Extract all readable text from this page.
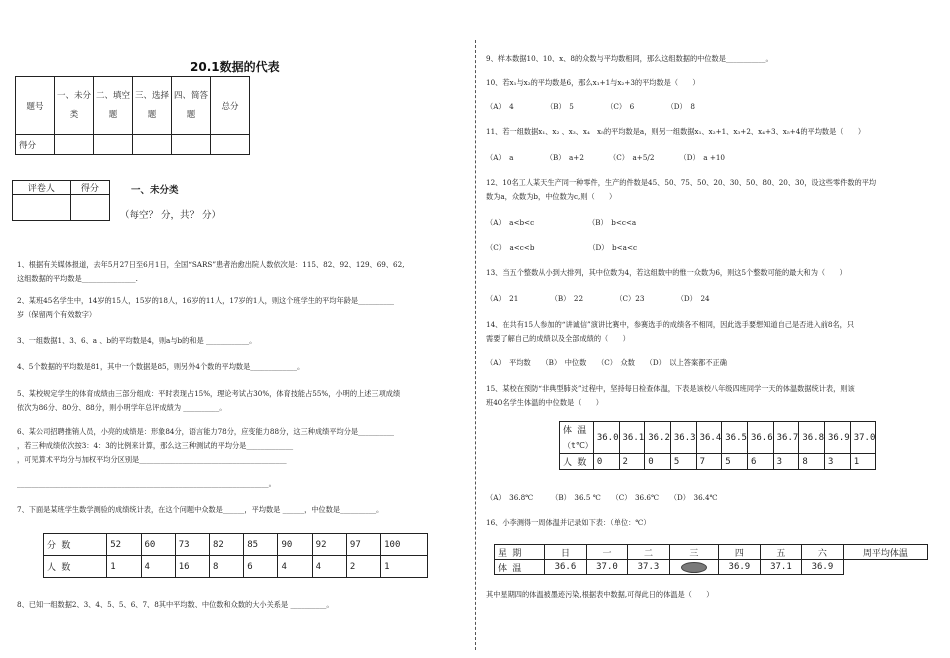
20.1数据的代表
题号	一、未分类	二、填空题	三、选择题	四、简答题	总分
得分					
评卷人	得分
		一、未分类
（每空？ 分，共？ 分）
1、根据有关媒体报道，去年5月27日至6月1日，全国“SARS”患者治愈出院人数依次是：115、82、92、129、69、62,
这组数据的平均数是_______________.
2、某班45名学生中，14岁的15人，15岁的18人，16岁的11人，17岁的1人，则这个班学生的平均年龄是__________
岁（保留两个有效数字）
3、一组数据1、3、6、a 、b的平均数是4，则a与b的和是 ____________。
4、5个数据的平均数是81，其中一个数据是85，则另外4个数的平均数是_____________。
5、某校规定学生的体育成绩由三部分组成：平时表现占15%，理论考试占30%，体育技能占55%，小明的上述三项成绩
依次为86分、80分、88分，则小明学年总评成绩为 __________。
6、某公司招聘推销人员，小亮的成绩是：形象84分，语言能力78分，应变能力88分，这三种成绩平均分是__________
，若三种成绩依次按3：4：3的比例来计算，那么这三种测试的平均分是_____________
，可见算术平均分与加权平均分区别是_________________________________________
______________________________________________________________________。
7、下面是某班学生数学测验的成绩统计表，在这个问题中众数是______，平均数是 ______，中位数是__________。
分 数	52	60	73	82	85	90	92	97	100
人 数	1	4	16	8	6	4	4	2	1
8、已知一组数据2、3、4、5、5、6、7、8其中平均数、中位数和众数的大小关系是 __________。
9、样本数据10、10、x、8的众数与平均数相同，那么这组数据的中位数是___________。
10、若x₁与x₂的平均数是6，那么x₁+1与x₂+3的平均数是（　　）
（A）　4　　　　　（B）　5　　　　　（C）　6　　　　　（D）　8
11、若一组数据x₁、x₂ 、x₃、x₄　x₅的平均数是a，则另一组数据x₁、x₂+1、x₃+2、x₄+3、x₅+4的平均数是（　　）
（A）　a　　　　　（B）　a+2　　　　（C）　a+5/2　　　　（D）　a +10
12、10名工人某天生产同一种零件，生产的件数是45、50、75、50、20、30、50、80、20、30，设这些零件数的平均
数为a，众数为b，中位数为c,则（　　）
（A）　a<b<c　　　　　　　　（B）　b<c<a
（C）　a<c<b　　　　　　　　（D）　b<a<c
13、当五个整数从小到大排列，其中位数为4，若这组数中的惟一众数为6，则这5个整数可能的最大和为（　　）
（A）　21　　　　　（B）　22　　　　　（C）23　　　　　（D）　24
14、在共有15人参加的“讲诚信”演讲比赛中，参赛选手的成绩各不相同，因此选手要想知道自己是否进入前8名，只
需要了解自己的成绩以及全部成绩的（　　）
（A）　平均数　　（B）　中位数　　（C）　众数　　（D）　以上答案都不正确
15、某校在预防“非典型肺炎”过程中，坚持每日检查体温，下表是该校八年级四班同学一天的体温数据统计表，则该
班40名学生体温的中位数是（　　）
体 温	36.0	36.1	36.2	36.3	36.4	36.5	36.6	36.7	36.8	36.9	37.0
（t℃）											
人 数	0	2	0	5	7	5	6	3	8	3	1
（A）　36.8℃　　　（B）　36.5 ℃　　（C）　36.6℃　　（D）　36.4℃
16、小李测得一周体温并记录如下表：（单位：℃）
星 期	日	一	二	三	四	五	六	周平均体温
体 温	36.6	37.0	37.3		36.9	37.1	36.9	
其中星期四的体温被墨迹污染,根据表中数据,可得此日的体温是（　　）
